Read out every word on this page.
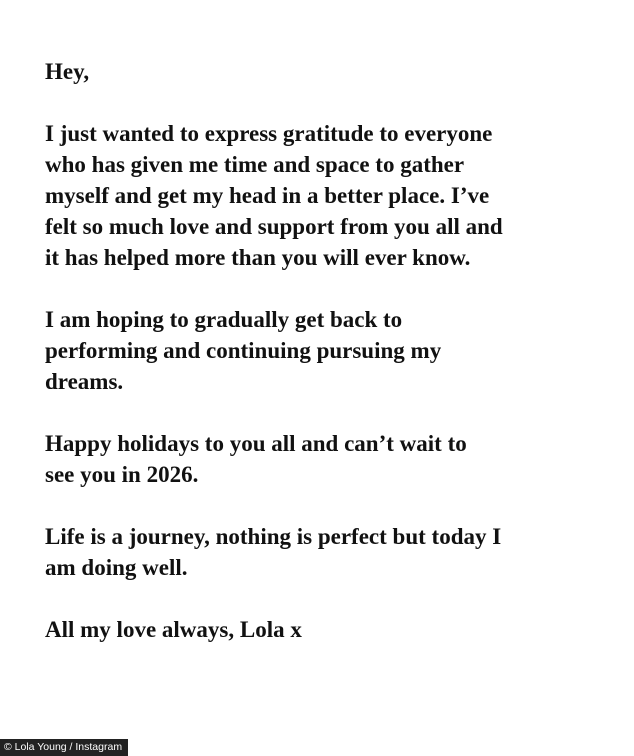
Hey,
I just wanted to express gratitude to everyone
who has given me time and space to gather
myself and get my head in a better place. I’ve
felt so much love and support from you all and
it has helped more than you will ever know.
I am hoping to gradually get back to
performing and continuing pursuing my
dreams.
Happy holidays to you all and can’t wait to
see you in 2026.
Life is a journey, nothing is perfect but today I
am doing well.
All my love always, Lola x
© Lola Young / Instagram
